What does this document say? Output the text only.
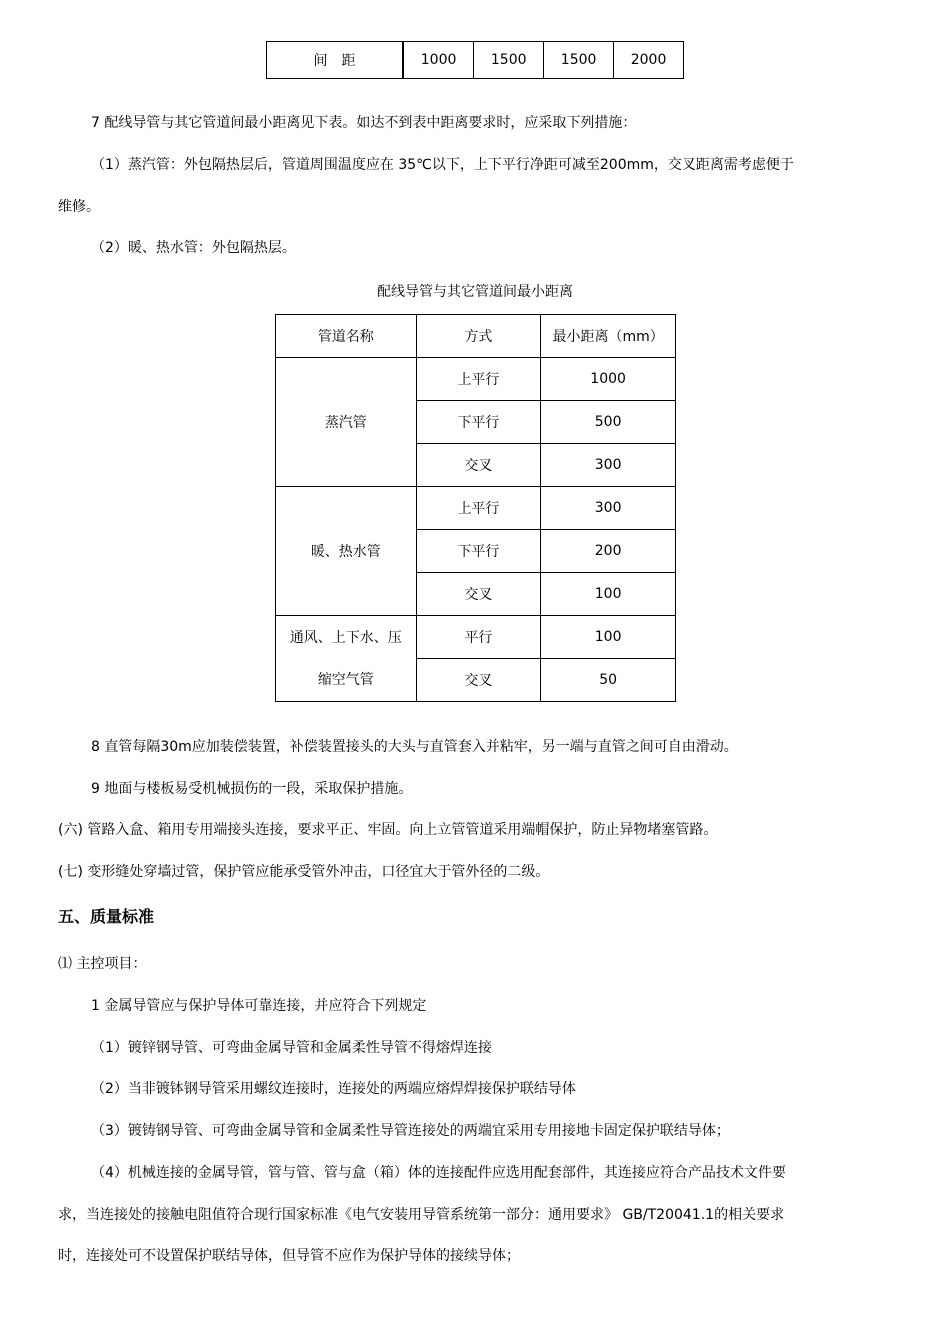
间距	1000	1500	1500	2000
7 配线导管与其它管道间最小距离见下表。如达不到表中距离要求时，应采取下列措施：
（1）蒸汽管：外包隔热层后，管道周围温度应在 35℃以下，上下平行净距可减至200mm，交叉距离需考虑便于
维修。
（2）暖、热水管：外包隔热层。
配线导管与其它管道间最小距离
管道名称	方式	最小距离（mm）
蒸汽管	上平行	1000
	下平行	500
	交叉	300
暖、热水管	上平行	300
	下平行	200
	交叉	100

通风、上下水、压
缩空气管	平行	100
	交叉	50
8 直管每隔30m应加装偿装置，补偿装置接头的大头与直管套入并粘牢，另一端与直管之间可自由滑动。
9 地面与楼板易受机械损伤的一段，采取保护措施。
(六) 管路入盒、箱用专用端接头连接，要求平正、牢固。向上立管管道采用端帽保护，防止异物堵塞管路。
(七) 变形缝处穿墙过管，保护管应能承受管外冲击，口径宜大于管外径的二级。
五、质量标准
⑴ 主控项目：
1 金属导管应与保护导体可靠连接，并应符合下列规定
（1）镀锌钢导管、可弯曲金属导管和金属柔性导管不得熔焊连接
（2）当非镀钵钢导管采用螺纹连接时，连接处的两端应熔焊焊接保护联结导体
（3）镀铸钢导管、可弯曲金属导管和金属柔性导管连接处的两端宜采用专用接地卡固定保护联结导体；
（4）机械连接的金属导管，管与管、管与盒（箱）体的连接配件应选用配套部件，其连接应符合产品技术文件要
求，当连接处的接触电阻值符合现行国家标准《电气安装用导管系统第一部分：通用要求》 GB/T20041.1的相关要求
时，连接处可不设置保护联结导体，但导管不应作为保护导体的接续导体；
